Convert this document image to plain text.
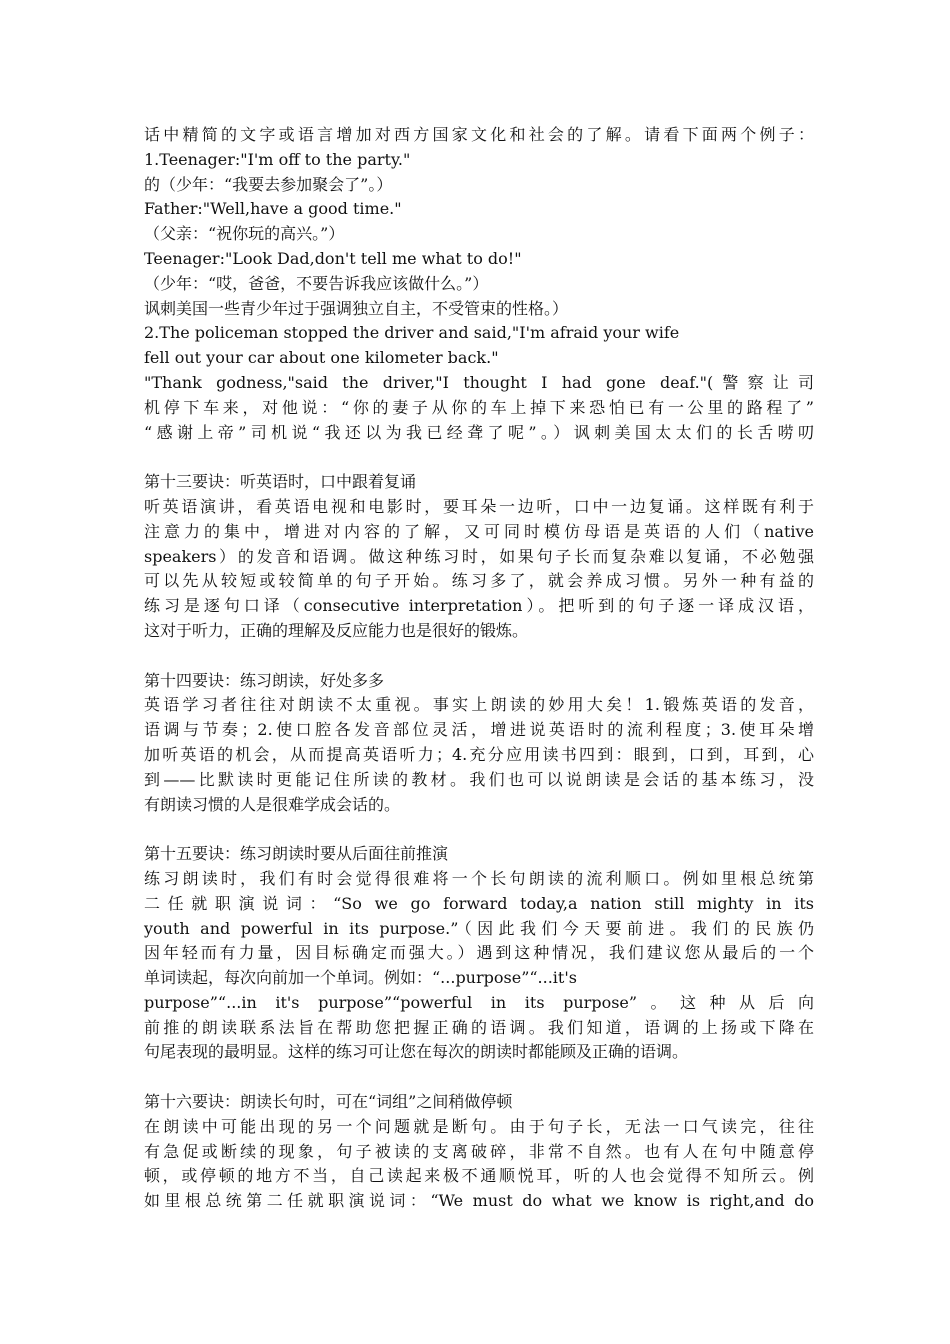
话中精简的文字或语言增加对西方国家文化和社会的了解。请看下面两个例子：
1.Teenager:"I'm off to the party."
的（少年：“我要去参加聚会了”。）
Father:"Well,have a good time."
（父亲：“祝你玩的高兴。”）
Teenager:"Look Dad,don't tell me what to do!"
（少年：“哎，爸爸，不要告诉我应该做什么。”）
讽刺美国一些青少年过于强调独立自主，不受管束的性格。）
2.The policeman stopped the driver and said,"I'm afraid your wife
fell out your car about one kilometer back."
"Thank godness,"said the driver,"I thought I had gone deaf."(警察让司
机停下车来，对他说：“你的妻子从你的车上掉下来恐怕已有一公里的路程了”
“感谢上帝”司机说“我还以为我已经聋了呢”。）讽刺美国太太们的长舌唠叨
第十三要诀：听英语时，口中跟着复诵
听英语演讲，看英语电视和电影时，要耳朵一边听，口中一边复诵。这样既有利于
注意力的集中，增进对内容的了解，又可同时模仿母语是英语的人们（native
speakers）的发音和语调。做这种练习时，如果句子长而复杂难以复诵，不必勉强
可以先从较短或较简单的句子开始。练习多了，就会养成习惯。另外一种有益的
练习是逐句口译（consecutive interpretation）。把听到的句子逐一译成汉语，
这对于听力，正确的理解及反应能力也是很好的锻炼。
第十四要诀：练习朗读，好处多多
英语学习者往往对朗读不太重视。事实上朗读的妙用大矣！1.锻炼英语的发音，
语调与节奏；2.使口腔各发音部位灵活，增进说英语时的流利程度；3.使耳朵增
加听英语的机会，从而提高英语听力；4.充分应用读书四到：眼到，口到，耳到，心
到——比默读时更能记住所读的教材。我们也可以说朗读是会话的基本练习，没
有朗读习惯的人是很难学成会话的。
第十五要诀：练习朗读时要从后面往前推演
练习朗读时，我们有时会觉得很难将一个长句朗读的流利顺口。例如里根总统第
二任就职演说词：“So we go forward today,a nation still mighty in its
youth and powerful in its purpose.”（因此我们今天要前进。我们的民族仍
因年轻而有力量，因目标确定而强大。）遇到这种情况，我们建议您从最后的一个
单词读起，每次向前加一个单词。例如：“...purpose”“...it's
purpose”“...in it's purpose”“powerful in its purpose”。这种从后向
前推的朗读联系法旨在帮助您把握正确的语调。我们知道，语调的上扬或下降在
句尾表现的最明显。这样的练习可让您在每次的朗读时都能顾及正确的语调。
第十六要诀：朗读长句时，可在“词组”之间稍做停顿
在朗读中可能出现的另一个问题就是断句。由于句子长，无法一口气读完，往往
有急促或断续的现象，句子被读的支离破碎，非常不自然。也有人在句中随意停
顿，或停顿的地方不当，自己读起来极不通顺悦耳，听的人也会觉得不知所云。例
如里根总统第二任就职演说词：“We must do what we know is right,and do
